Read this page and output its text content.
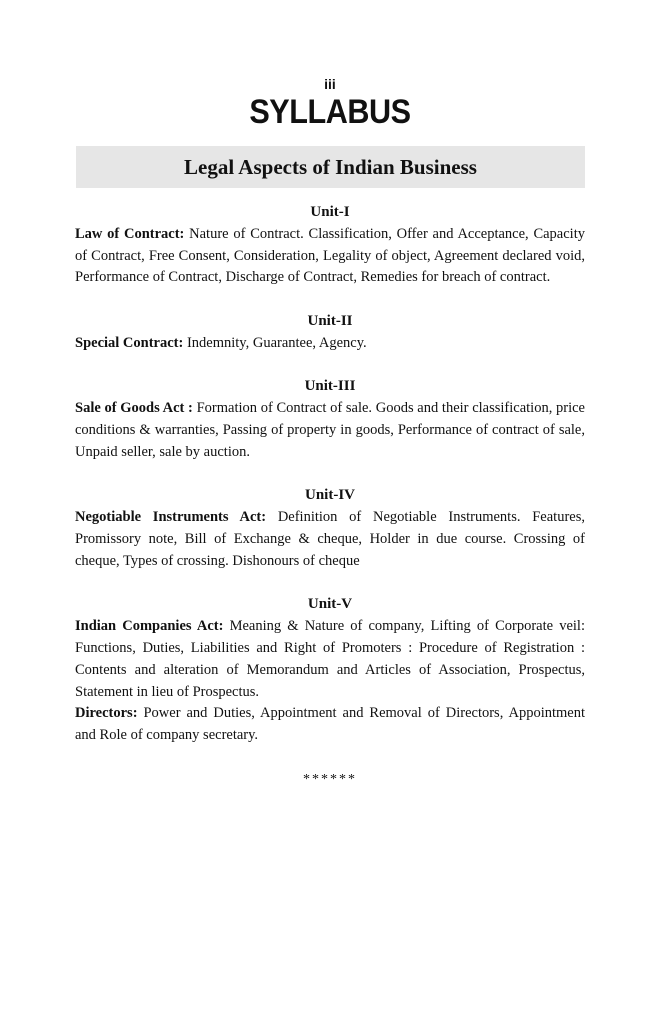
iii
SYLLABUS
Legal Aspects of Indian Business
Unit-I

Law of Contract: Nature of Contract. Classification, Offer and Acceptance, Capacity of Contract, Free Consent, Consideration, Legality of object, Agreement declared void, Performance of Contract, Discharge of Contract, Remedies for breach of contract.

Unit-II

Special Contract: Indemnity, Guarantee, Agency.

Unit-III

Sale of Goods Act : Formation of Contract of sale. Goods and their classification, price conditions & warranties, Passing of property in goods, Performance of contract of sale, Unpaid seller, sale by auction.

Unit-IV

Negotiable Instruments Act: Definition of Negotiable Instruments. Features, Promissory note, Bill of Exchange & cheque, Holder in due course. Crossing of cheque, Types of crossing. Dishonours of cheque

Unit-V

Indian Companies Act: Meaning & Nature of company, Lifting of Corporate veil: Functions, Duties, Liabilities and Right of Promoters : Procedure of Registration : Contents and alteration of Memorandum and Articles of Association, Prospectus, Statement in lieu of Prospectus.

Directors: Power and Duties, Appointment and Removal of Directors, Appointment and Role of company secretary.

******
